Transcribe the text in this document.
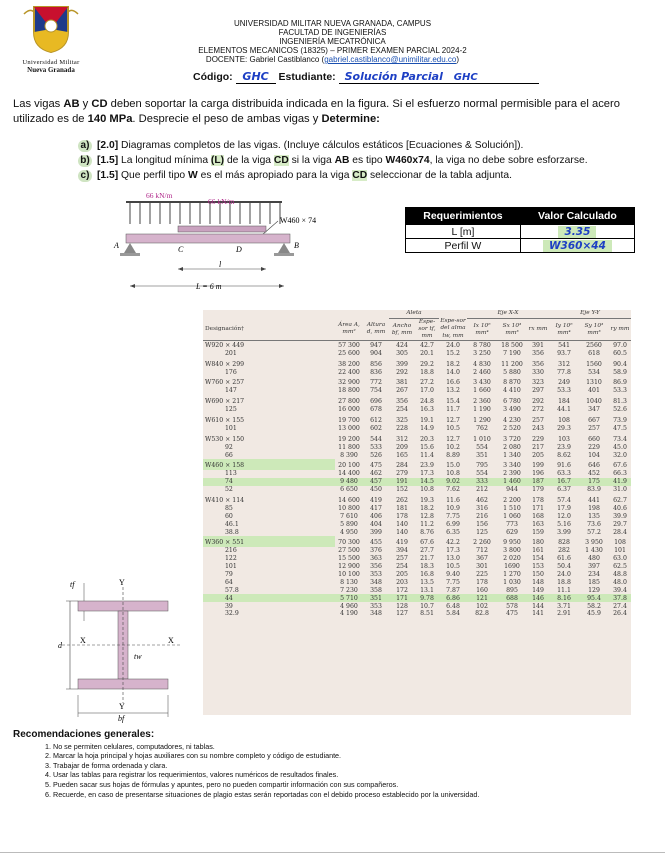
Universidad Militar
Nueva Granada
UNIVERSIDAD MILITAR NUEVA GRANADA, CAMPUS
FACULTAD DE INGENIERÍAS
INGENIERÍA MECATRÓNICA
ELEMENTOS MECANICOS (18325) – PRIMER EXAMEN PARCIAL 2024-2
DOCENTE: Gabriel Castiblanco (gabriel.castiblanco@unimilitar.edu.co)
Código: GHC Estudiante: Solución Parcial GHC
Las vigas AB y CD deben soportar la carga distribuida indicada en la figura. Si el esfuerzo normal permisible para el acero utilizado es de 140 MPa. Desprecie el peso de ambas vigas y Determine:
a) [2.0] Diagramas completos de las vigas. (Incluye cálculos estáticos [Ecuaciones & Solución]).
b) [1.5] La longitud mínima (L) de la viga CD si la viga AB es tipo W460x74, la viga no debe sobre esforzarse.
c) [1.5] Que perfil tipo W es el más apropiado para la viga CD seleccionar de la tabla adjunta.
66 kN/m
66 kN/m
W460 × 74
A	B
C	D
l
L = 6 m
Requerimientos	Valor Calculado
L [m]	3.35
Perfil W	W360×44
			Aleta			Eje X-X			Eje Y-Y		
Designación†	Área A, mm²	Altura d, mm	Ancho bf, mm	Espe-sor tf, mm	Espe-sor del alma
tw, mm	Ix 10⁶ mm⁴	Sx 10³ mm³	rx mm	Iy 10⁶ mm⁴	Sy 10³ mm³	ry mm
W920 × 449	57 300	947	424	42.7	24.0	8 780	18 500	391	541	2560	97.0
201	25 600	904	305	20.1	15.2	3 250	7 190	356	93.7	618	60.5
W840 × 299	38 200	856	399	29.2	18.2	4 830	11 200	356	312	1560	90.4
176	22 400	836	292	18.8	14.0	2 460	5 880	330	77.8	534	58.9
W760 × 257	32 900	772	381	27.2	16.6	3 430	8 870	323	249	1310	86.9
147	18 800	754	267	17.0	13.2	1 660	4 410	297	53.3	401	53.3
W690 × 217	27 800	696	356	24.8	15.4	2 360	6 780	292	184	1040	81.3
125	16 000	678	254	16.3	11.7	1 190	3 490	272	44.1	347	52.6
W610 × 155	19 700	612	325	19.1	12.7	1 290	4 230	257	108	667	73.9
101	13 000	602	228	14.9	10.5	762	2 520	243	29.3	257	47.5
W530 × 150	19 200	544	312	20.3	12.7	1 010	3 720	229	103	660	73.4
92	11 800	533	209	15.6	10.2	554	2 080	217	23.9	229	45.0
66	8 390	526	165	11.4	8.89	351	1 340	205	8.62	104	32.0
W460 × 158	20 100	475	284	23.9	15.0	795	3 340	199	91.6	646	67.6
113	14 400	462	279	17.3	10.8	554	2 390	196	63.3	452	66.3
74	9 480	457	191	14.5	9.02	333	1 460	187	16.7	175	41.9
52	6 650	450	152	10.8	7.62	212	944	179	6.37	83.9	31.0
W410 × 114	14 600	419	262	19.3	11.6	462	2 200	178	57.4	441	62.7
85	10 800	417	181	18.2	10.9	316	1 510	171	17.9	198	40.6
60	7 610	406	178	12.8	7.75	216	1 060	168	12.0	135	39.9
46.1	5 890	404	140	11.2	6.99	156	773	163	5.16	73.6	29.7
38.8	4 950	399	140	8.76	6.35	125	629	159	3.99	57.2	28.4
W360 × 551	70 300	455	419	67.6	42.2	2 260	9 950	180	828	3 950	108
216	27 500	376	394	27.7	17.3	712	3 800	161	282	1 430	101
122	15 500	363	257	21.7	13.0	367	2 020	154	61.6	480	63.0
101	12 900	356	254	18.3	10.5	301	1690	153	50.4	397	62.5
79	10 100	353	205	16.8	9.40	225	1 270	150	24.0	234	48.8
64	8 130	348	203	13.5	7.75	178	1 030	148	18.8	185	48.0
57.8	7 230	358	172	13.1	7.87	160	895	149	11.1	129	39.4
44	5 710	351	171	9.78	6.86	121	688	146	8.16	95.4	37.8
39	4 960	353	128	10.7	6.48	102	578	144	3.71	58.2	27.4
32.9	4 190	348	127	8.51	5.84	82.8	475	141	2.91	45.9	26.4
tf	Y
d
X	X
tw
Y
bf
Recomendaciones generales:
1. No se permiten celulares, computadores, ni tablas.
2. Marcar la hoja principal y hojas auxiliares con su nombre completo y código de estudiante.
3. Trabajar de forma ordenada y clara.
4. Usar las tablas para registrar los requerimientos, valores numéricos de resultados finales.
5. Pueden sacar sus hojas de fórmulas y apuntes, pero no pueden compartir información con sus compañeros.
6. Recuerde, en caso de presentarse situaciones de plagio estas serán reportadas con el debido proceso establecido por la universidad.
